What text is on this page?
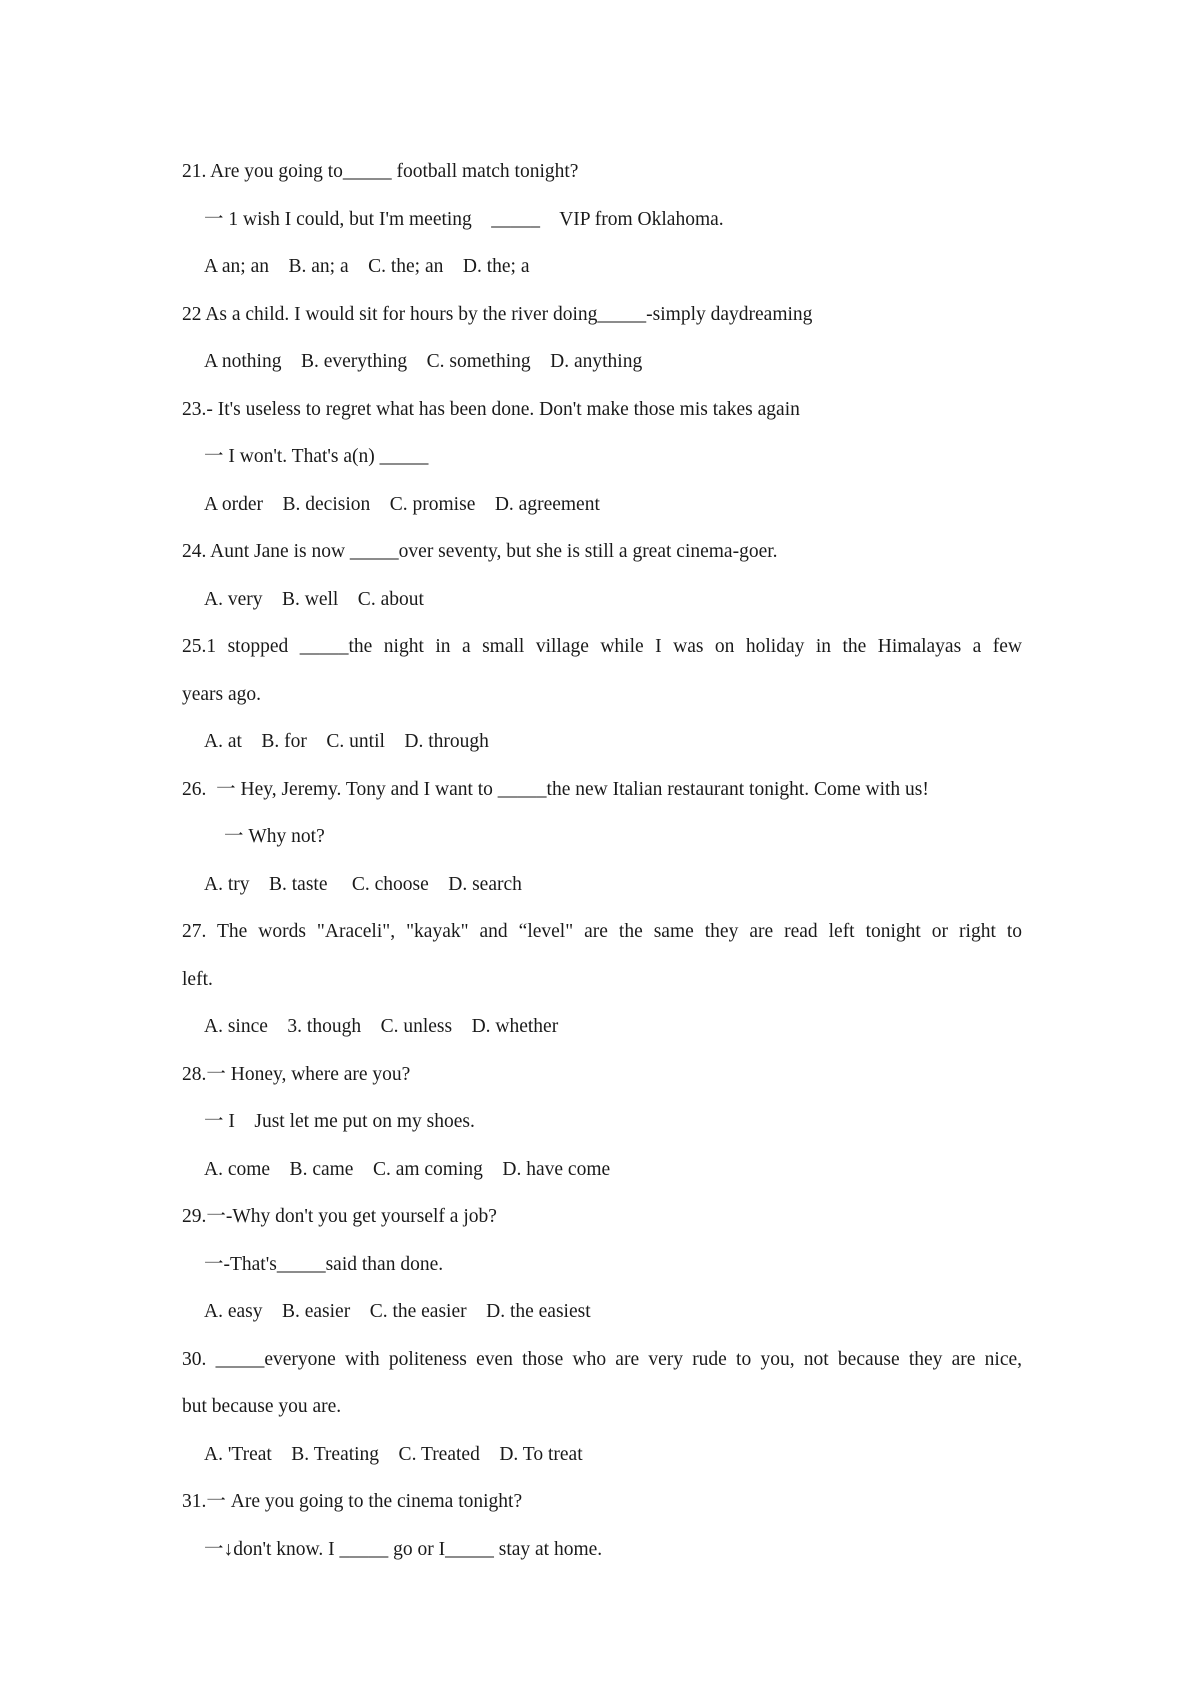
21. Are you going to_____ football match tonight?
一 1 wish I could, but I'm meeting    _____    VIP from Oklahoma.
A an; an    B. an; a    C. the; an    D. the; a
22 As a child. I would sit for hours by the river doing_____-simply daydreaming
A nothing    B. everything    C. something    D. anything
23.- It's useless to regret what has been done. Don't make those mis takes again
一 I won't. That's a(n) _____
A order    B. decision    C. promise    D. agreement
24. Aunt Jane is now _____over seventy, but she is still a great cinema-goer.
A. very    B. well    C. about
25.1 stopped _____the night in a small village while I was on holiday in the Himalayas a few
years ago.
A. at    B. for    C. until    D. through
26.  一 Hey, Jeremy. Tony and I want to _____the new Italian restaurant tonight. Come with us!
一 Why not?
A. try    B. taste     C. choose    D. search
27. The words "Araceli", "kayak" and “level" are the same they are read left tonight or right to
left.
A. since    3. though    C. unless    D. whether
28.一 Honey, where are you?
一 I    Just let me put on my shoes.
A. come    B. came    C. am coming    D. have come
29.一-Why don't you get yourself a job?
一-That's_____said than done.
A. easy    B. easier    C. the easier    D. the easiest
30. _____everyone with politeness even those who are very rude to you, not because they are nice,
but because you are.
A. 'Treat    B. Treating    C. Treated    D. To treat
31.一 Are you going to the cinema tonight?
一↓don't know. I _____ go or I_____ stay at home.
